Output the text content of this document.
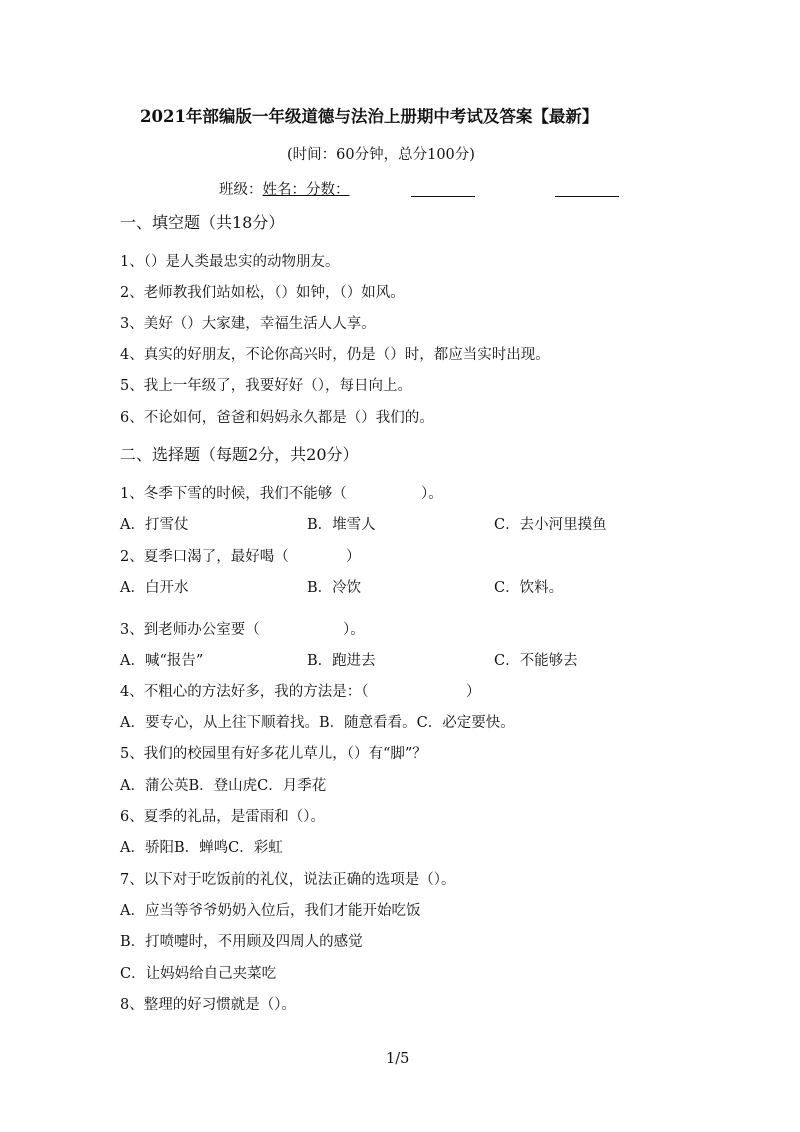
2021年部编版一年级道德与法治上册期中考试及答案【最新】
(时间：60分钟，总分100分)
班级：姓名：分数：
一、填空题（共18分）
1、（）是人类最忠实的动物朋友。
2、老师教我们站如松，（）如钟，（）如风。
3、美好（）大家建，幸福生活人人享。
4、真实的好朋友，不论你高兴时，仍是（）时，都应当实时出现。
5、我上一年级了，我要好好（），每日向上。
6、不论如何，爸爸和妈妈永久都是（）我们的。
二、选择题（每题2分，共20分）
1、冬季下雪的时候，我们不能够（	）。
A．打雪仗	B．堆雪人	C．去小河里摸鱼
2、夏季口渴了，最好喝（	）
A．白开水	B．冷饮	C．饮料。
3、到老师办公室要（	）。
A．喊“报告”	B．跑进去	C．不能够去
4、不粗心的方法好多，我的方法是：（	）
A．要专心，从上往下顺着找。B．随意看看。C．必定要快。
5、我们的校园里有好多花儿草儿，（）有“脚”？
A．蒲公英B．登山虎C．月季花
6、夏季的礼品，是雷雨和（）。
A．骄阳B．蝉鸣C．彩虹
7、以下对于吃饭前的礼仪，说法正确的选项是（）。
A．应当等爷爷奶奶入位后，我们才能开始吃饭
B．打喷嚏时，不用顾及四周人的感觉
C．让妈妈给自己夹菜吃
8、整理的好习惯就是（）。
1/5
